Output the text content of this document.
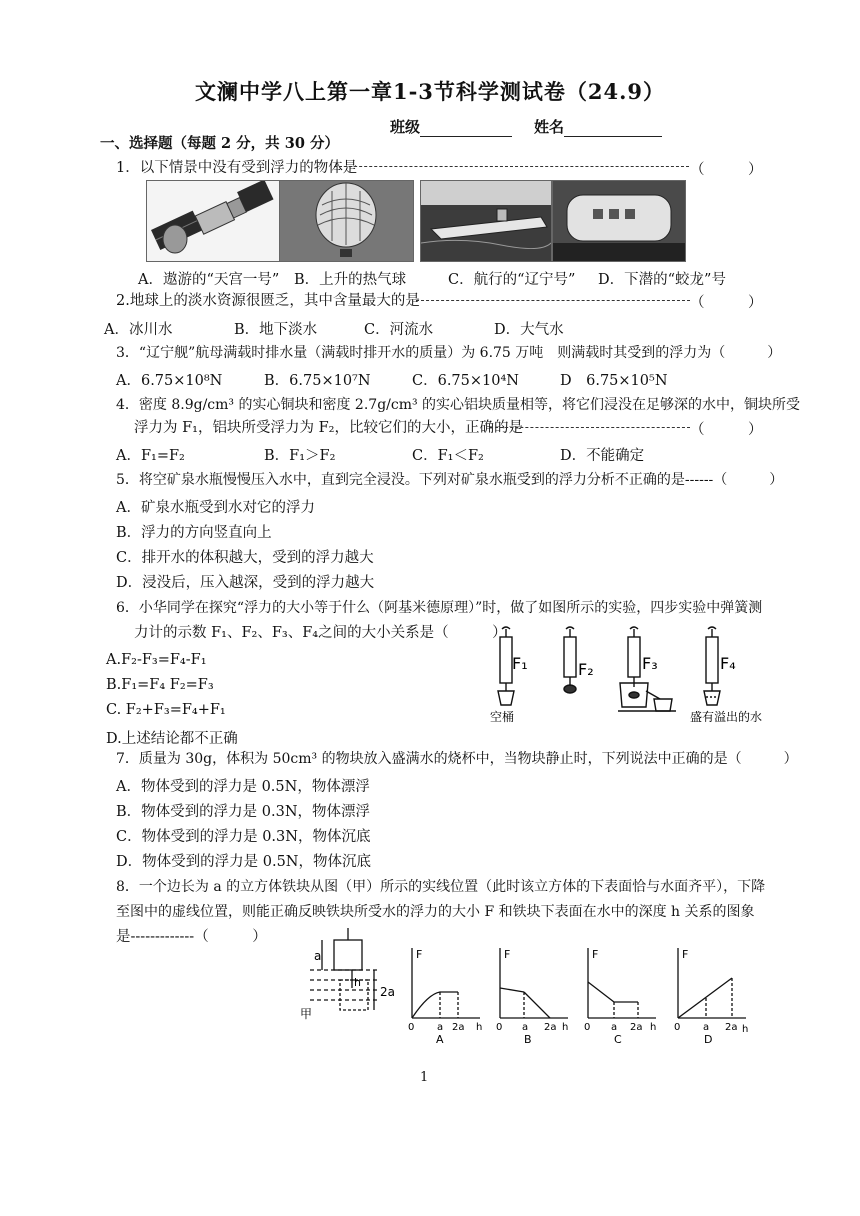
文澜中学八上第一章1-3节科学测试卷（24.9）
班级	姓名
一、选择题（每题 2 分，共 30 分）
1．以下情景中没有受到浮力的物体是	（　　　）
A．遨游的“天宫一号” B．上升的热气球	C．航行的“辽宁号” D．下潜的“蛟龙”号
2.地球上的淡水资源很匮乏，其中含量最大的是	（　　　）
A．冰川水	B．地下淡水	C．河流水	D．大气水
3．“辽宁舰”航母满载时排水量（满载时排开水的质量）为 6.75 万吨　则满载时其受到的浮力为（　　　）
A．6.75×10⁸N	B．6.75×10⁷N	C．6.75×10⁴N	D　6.75×10⁵N
4．密度 8.9g/cm³ 的实心铜块和密度 2.7g/cm³ 的实心铝块质量相等，将它们浸没在足够深的水中，铜块所受
浮力为 F₁，铝块所受浮力为 F₂，比较它们的大小，正确的是	（　　　）
A．F₁=F₂	B．F₁＞F₂	C．F₁＜F₂	D．不能确定
5．将空矿泉水瓶慢慢压入水中，直到完全浸没。下列对矿泉水瓶受到的浮力分析不正确的是------（　　　）
A．矿泉水瓶受到水对它的浮力
B．浮力的方向竖直向上
C．排开水的体积越大，受到的浮力越大
D．浸没后，压入越深，受到的浮力越大
6．小华同学在探究“浮力的大小等于什么（阿基米德原理）”时，做了如图所示的实验，四步实验中弹簧测
力计的示数 F₁、F₂、F₃、F₄之间的大小关系是（　　　）
A.F₂-F₃=F₄-F₁
B.F₁=F₄ F₂=F₃
C. F₂+F₃=F₄+F₁
D.上述结论都不正确
F₁	F₂	F₃	F₄
空桶	盛有溢出的水
7．质量为 30g，体积为 50cm³ 的物块放入盛满水的烧杯中，当物块静止时，下列说法中正确的是（　　　）
A．物体受到的浮力是 0.5N，物体漂浮
B．物体受到的浮力是 0.3N，物体漂浮
C．物体受到的浮力是 0.3N，物体沉底
D．物体受到的浮力是 0.5N，物体沉底
8．一个边长为 a 的立方体铁块从图（甲）所示的实线位置（此时该立方体的下表面恰与水面齐平），下降
至图中的虚线位置，则能正确反映铁块所受水的浮力的大小 F 和铁块下表面在水中的深度 h 关系的图象
是-------------（　　　）
a
2a
h
甲
F
h
0 a 2a
A
F
h
0 a 2a
B
F
h
0 a 2a
C
F
h
0 a 2a
D
1
